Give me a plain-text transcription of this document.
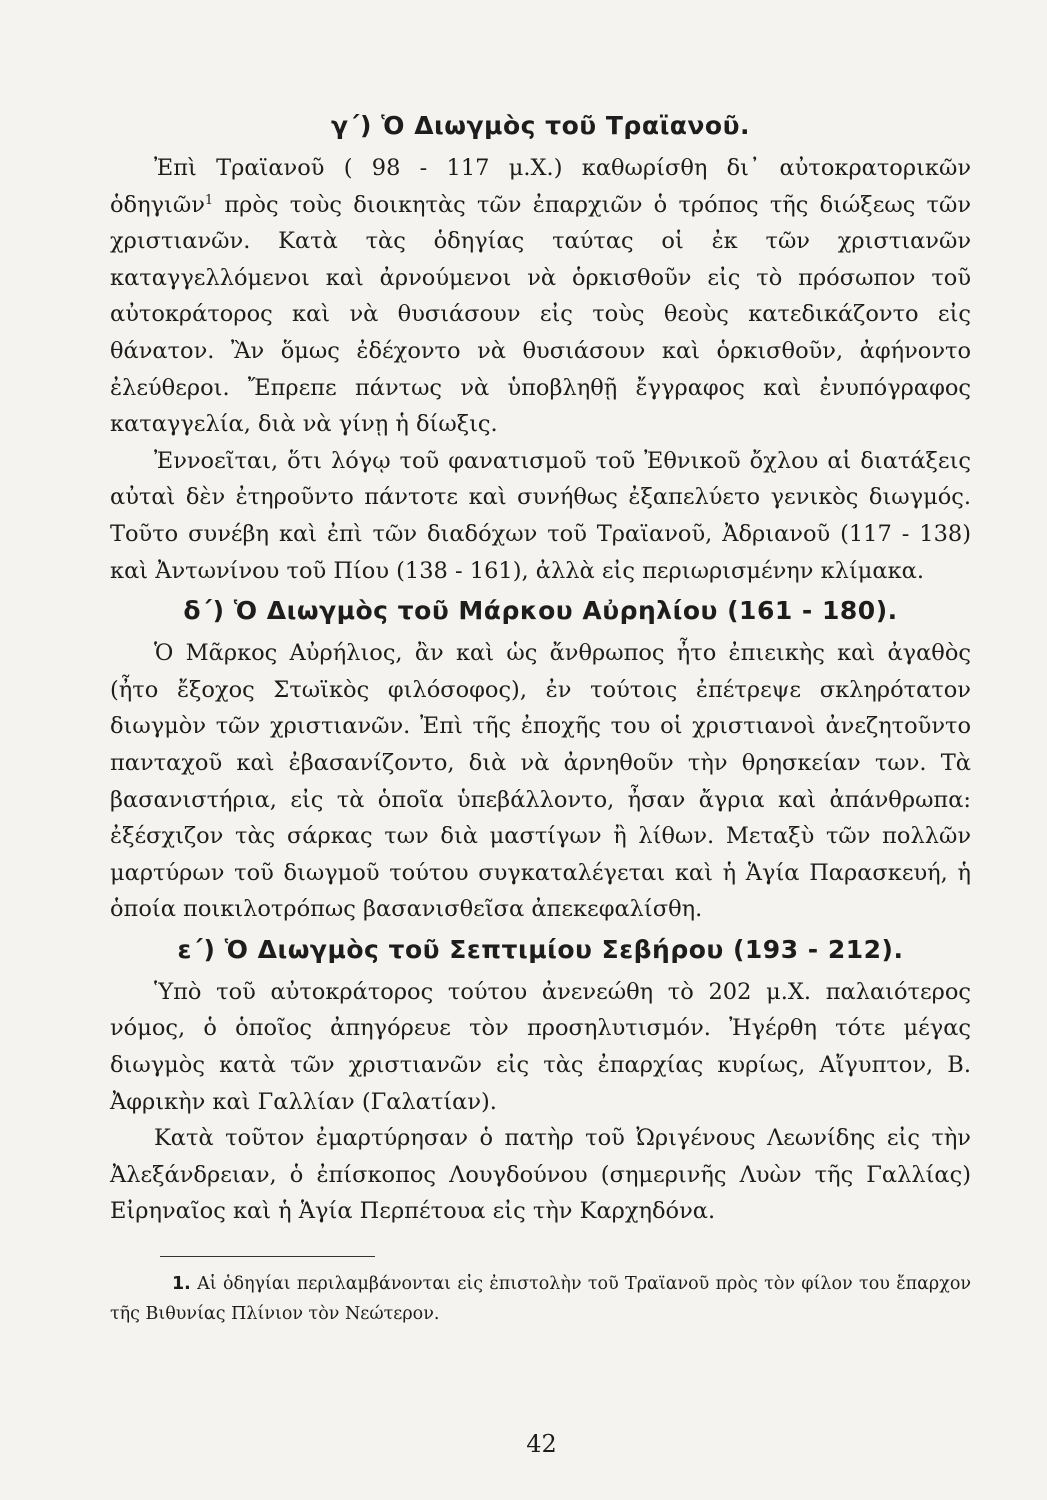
γ΄) Ὁ Διωγμὸς τοῦ Τραϊανοῦ.

Ἐπὶ Τραϊανοῦ ( 98 - 117 μ.Χ.) καθωρίσθη δι᾿ αὐτοκρατορικῶν ὁδηγιῶν$^1$ πρὸς τοὺς διοικητὰς τῶν ἐπαρχιῶν ὁ τρόπος τῆς διώξεως τῶν χριστιανῶν. Κατὰ τὰς ὁδηγίας ταύτας οἱ ἐκ τῶν χριστιανῶν καταγγελλόμενοι καὶ ἀρνούμενοι νὰ ὁρκισθοῦν εἰς τὸ πρόσωπον τοῦ αὐτοκράτορος καὶ νὰ θυσιάσουν εἰς τοὺς θεοὺς κατεδικάζοντο εἰς θάνατον. Ἂν ὅμως ἐδέχοντο νὰ θυσιάσουν καὶ ὁρκισθοῦν, ἀφήνοντο ἐλεύθεροι. Ἔπρεπε πάντως νὰ ὑποβληθῇ ἔγγραφος καὶ ἐνυπόγραφος καταγγελία, διὰ νὰ γίνῃ ἡ δίωξις.

Ἐννοεῖται, ὅτι λόγῳ τοῦ φανατισμοῦ τοῦ Ἐθνικοῦ ὄχλου αἱ διατάξεις αὐταὶ δὲν ἐτηροῦντο πάντοτε καὶ συνήθως ἐξαπελύετο γενικὸς διωγμός. Τοῦτο συνέβη καὶ ἐπὶ τῶν διαδόχων τοῦ Τραϊανοῦ, Ἀδριανοῦ (117 - 138) καὶ Ἀντωνίνου τοῦ Πίου (138 - 161), ἀλλὰ εἰς περιωρισμένην κλίμακα.

δ΄) Ὁ Διωγμὸς τοῦ Μάρκου Αὐρηλίου (161 - 180).

Ὁ Μᾶρκος Αὐρήλιος, ἂν καὶ ὡς ἄνθρωπος ἦτο ἐπιεικὴς καὶ ἀγαθὸς (ἦτο ἔξοχος Στωϊκὸς φιλόσοφος), ἐν τούτοις ἐπέτρεψε σκληρότατον διωγμὸν τῶν χριστιανῶν. Ἐπὶ τῆς ἐποχῆς του οἱ χριστιανοὶ ἀνεζητοῦντο πανταχοῦ καὶ ἐβασανίζοντο, διὰ νὰ ἀρνηθοῦν τὴν θρησκείαν των. Τὰ βασανιστήρια, εἰς τὰ ὁποῖα ὑπεβάλλοντο, ἦσαν ἄγρια καὶ ἀπάνθρωπα: ἐξέσχιζον τὰς σάρκας των διὰ μαστίγων ἢ λίθων. Μεταξὺ τῶν πολλῶν μαρτύρων τοῦ διωγμοῦ τούτου συγκαταλέγεται καὶ ἡ Ἁγία Παρασκευή, ἡ ὁποία ποικιλοτρόπως βασανισθεῖσα ἀπεκεφαλίσθη.

ε΄) Ὁ Διωγμὸς τοῦ Σεπτιμίου Σεβήρου (193 - 212).

Ὑπὸ τοῦ αὐτοκράτορος τούτου ἀνενεώθη τὸ 202 μ.Χ. παλαιότερος νόμος, ὁ ὁποῖος ἀπηγόρευε τὸν προσηλυτισμόν. Ἠγέρθη τότε μέγας διωγμὸς κατὰ τῶν χριστιανῶν εἰς τὰς ἐπαρχίας κυρίως, Αἴγυπτον, Β. Ἀφρικὴν καὶ Γαλλίαν (Γαλατίαν).

Κατὰ τοῦτον ἐμαρτύρησαν ὁ πατὴρ τοῦ Ὠριγένους Λεωνίδης εἰς τὴν Ἀλεξάνδρειαν, ὁ ἐπίσκοπος Λουγδούνου (σημερινῆς Λυὼν τῆς Γαλλίας) Εἰρηναῖος καὶ ἡ Ἁγία Περπέτουα εἰς τὴν Καρχηδόνα.

1. Αἱ ὁδηγίαι περιλαμβάνονται εἰς ἐπιστολὴν τοῦ Τραϊανοῦ πρὸς τὸν φίλον του ἔπαρχον τῆς Βιθυνίας Πλίνιον τὸν Νεώτερον.

42
